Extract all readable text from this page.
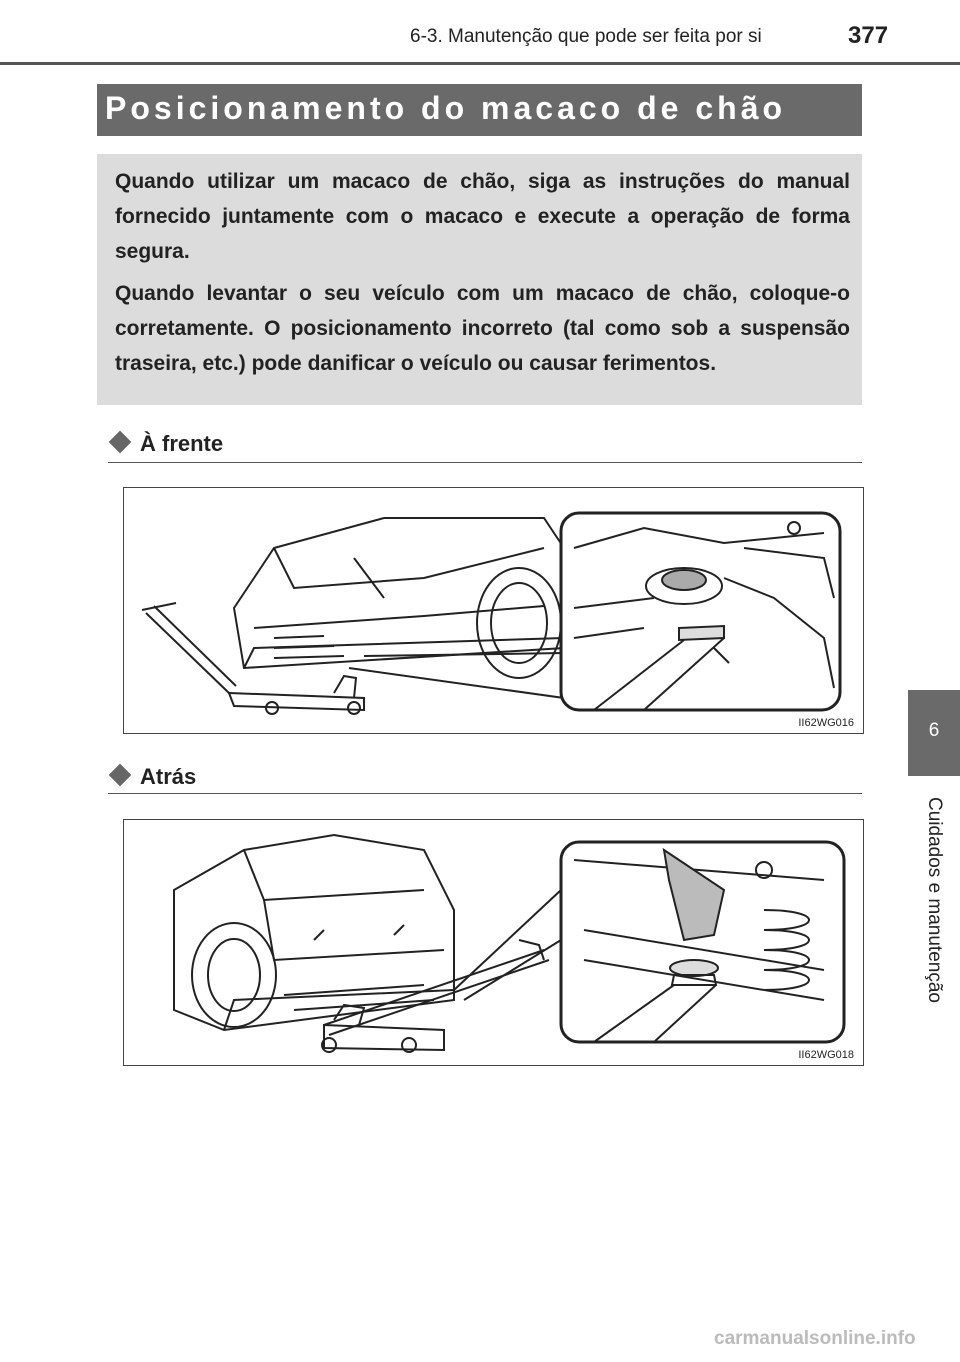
6-3. Manutenção que pode ser feita por si	377
Posicionamento do macaco de chão

Quando utilizar um macaco de chão, siga as instruções do manual fornecido juntamente com o macaco e execute a operação de forma segura.

Quando levantar o seu veículo com um macaco de chão, coloque-o corretamente. O posicionamento incorreto (tal como sob a suspensão traseira, etc.) pode danificar o veículo ou causar ferimentos.

À frente
II62WG016
Atrás
II62WG018
6
Cuidados e manutenção
carmanualsonline.info
